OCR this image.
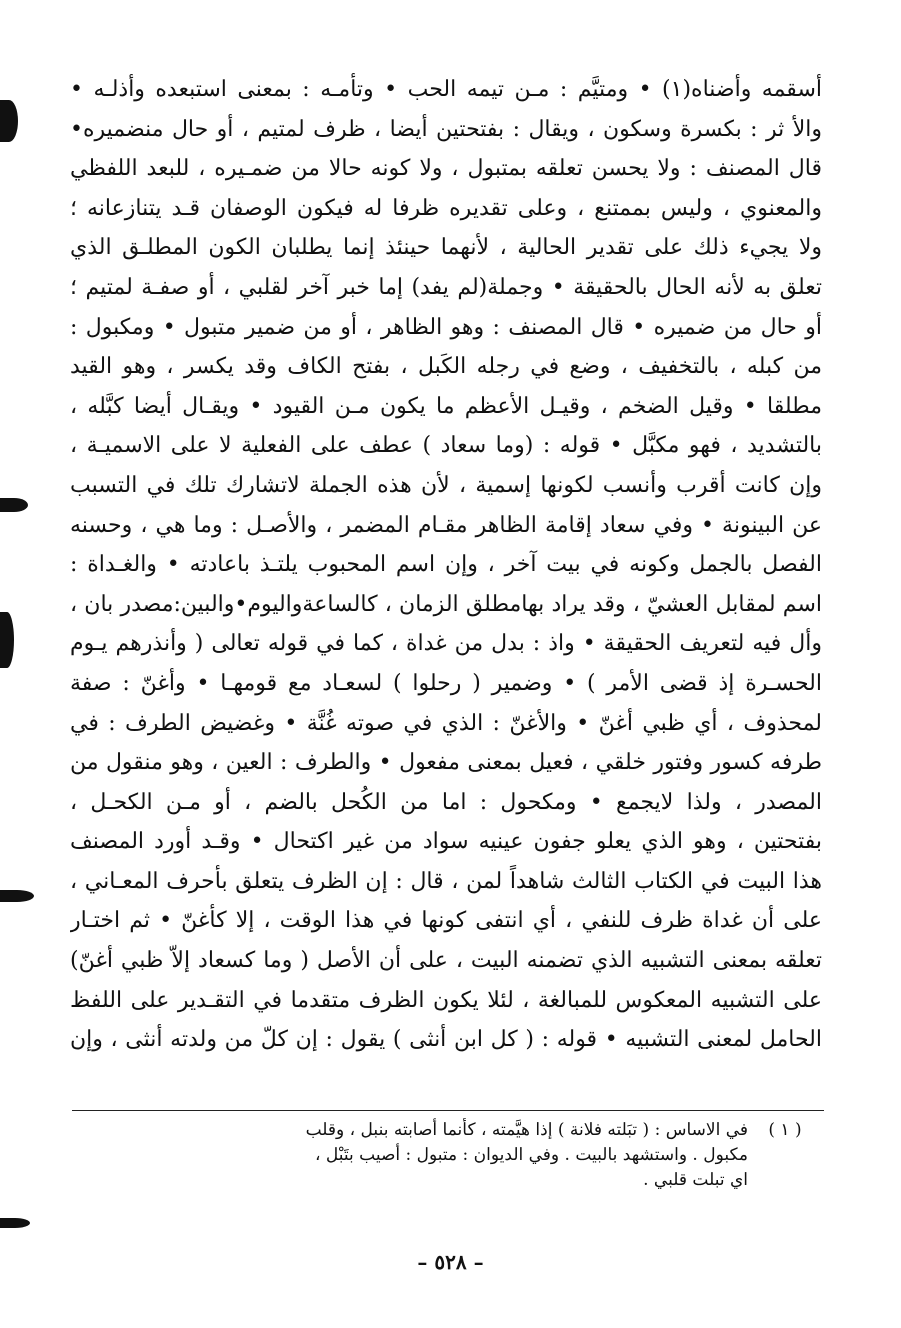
أسقمه وأضناه(١) • ومتيَّم : مـن تيمه الحب • وتأمـه : بمعنى استبعده وأذلـه •
والأ ثر : بكسرة وسكون ، ويقال : بفتحتين أيضا ، ظرف لمتيم ، أو حال منضميره•
قال المصنف : ولا يحسن تعلقه بمتبول ، ولا كونه حالا من ضمـيره ، للبعد اللفظي
والمعنوي ، وليس بممتنع ، وعلى تقديره ظرفا له فيكون الوصفان قـد يتنازعانه ؛
ولا يجيء ذلك على تقدير الحالية ، لأنهما حينئذ إنما يطلبان الكون المطلـق الذي
تعلق به لأنه الحال بالحقيقة • وجملة(لم يفد) إما خبر آخر لقلبي ، أو صفـة لمتيم ؛
أو حال من ضميره • قال المصنف : وهو الظاهر ، أو من ضمير متبول • ومكبول :
من كبله ، بالتخفيف ، وضع في رجله الكَبل ، بفتح الكاف وقد يكسر ، وهو القيد
مطلقا • وقيل الضخم ، وقيـل الأعظم ما يكون مـن القيود • ويقـال أيضا كبَّله ،
بالتشديد ، فهو مكبَّل • قوله : (وما سعاد ) عطف على الفعلية لا على الاسميـة ،
وإن كانت أقرب وأنسب لكونها إسمية ، لأن هذه الجملة لاتشارك تلك في التسبب
عن البينونة • وفي سعاد إقامة الظاهر مقـام المضمر ، والأصـل : وما هي ، وحسنه
الفصل بالجمل وكونه في بيت آخر ، وإن اسم المحبوب يلتـذ باعادته • والغـداة :
اسم لمقابل العشيّ ، وقد يراد بهامطلق الزمان ، كالساعةواليوم•والبين:مصدر بان ،
وأل فيه لتعريف الحقيقة • واذ : بدل من غداة ، كما في قوله تعالى ( وأنذرهم يـوم
الحسـرة إذ قضى الأمر ) • وضمير ( رحلوا ) لسعـاد مع قومهـا • وأغنّ : صفة
لمحذوف ، أي ظبي أغنّ • والأغنّ : الذي في صوته غُنَّة • وغضيض الطرف : في
طرفه كسور وفتور خلقي ، فعيل بمعنى مفعول • والطرف : العين ، وهو منقول من
المصدر ، ولذا لايجمع • ومكحول : اما من الكُحل بالضم ، أو مـن الكحـل ،
بفتحتين ، وهو الذي يعلو جفون عينيه سواد من غير اكتحال • وقـد أورد المصنف
هذا البيت في الكتاب الثالث شاهداً لمن ، قال : إن الظرف يتعلق بأحرف المعـاني ،
على أن غداة ظرف للنفي ، أي انتفى كونها في هذا الوقت ، إلا كأغنّ • ثم اختـار
تعلقه بمعنى التشبيه الذي تضمنه البيت ، على أن الأصل ( وما كسعاد إلاّ ظبي أغنّ)
على التشبيه المعكوس للمبالغة ، لئلا يكون الظرف متقدما في التقـدير على اللفظ
الحامل لمعنى التشبيه • قوله : ( كل ابن أنثى ) يقول : إن كلّ من ولدته أنثى ، وإن
( ١ )في الاساس : ( تبَلته فلانة ) إذا هيَّمته ، كأنما أصابته بنبل ، وقلب
مكبول . واستشهد بالبيت . وفي الديوان : متبول : أصيب بتَبْل ،
اي تبلت قلبي .
– ٥٢٨ –
